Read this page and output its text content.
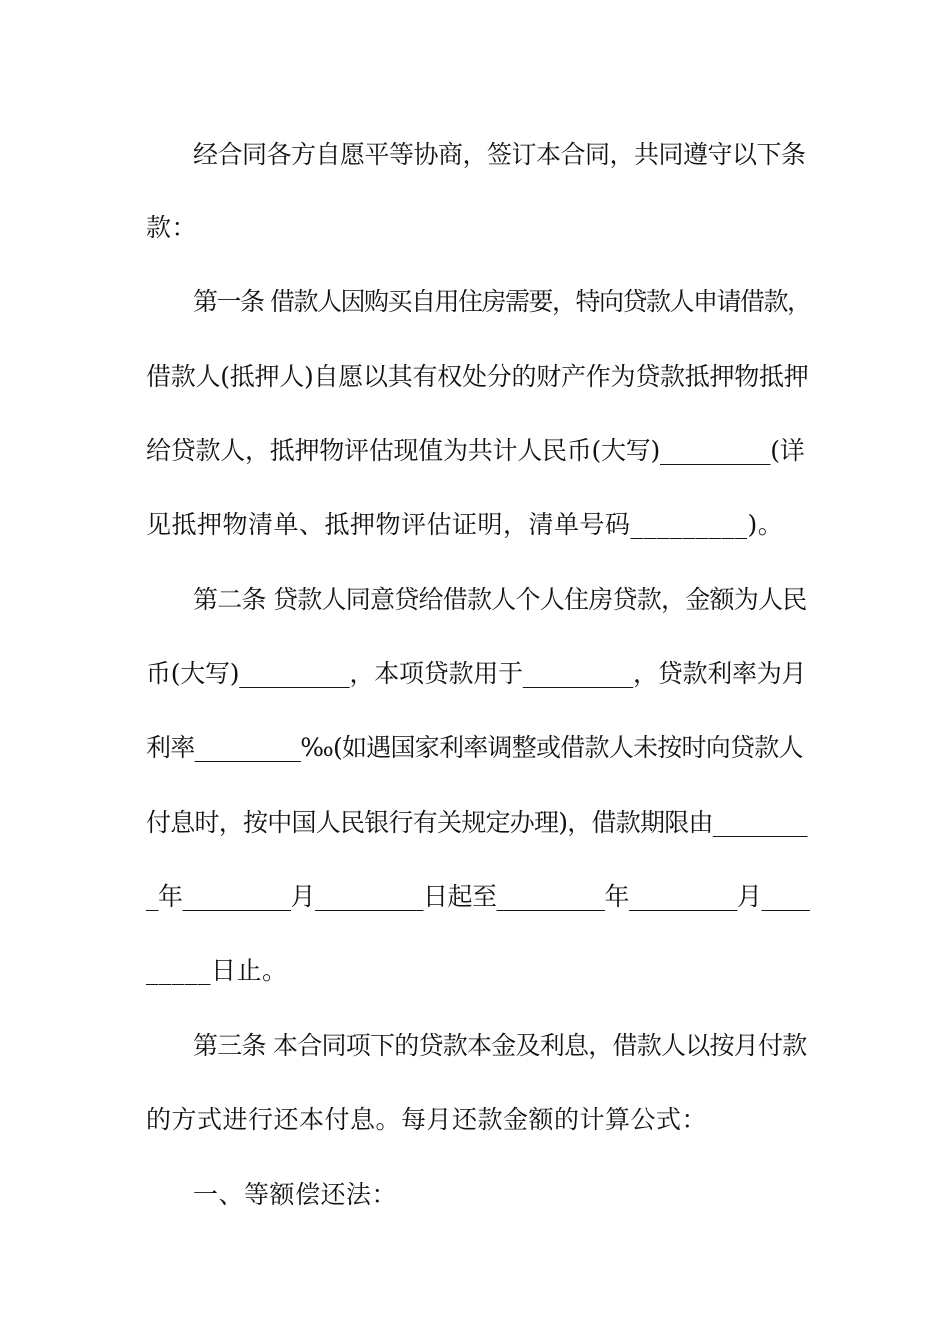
经合同各方自愿平等协商，签订本合同，共同遵守以下条
款：
第一条 借款人因购买自用住房需要，特向贷款人申请借款，
借款人(抵押人)自愿以其有权处分的财产作为贷款抵押物抵押
给贷款人，抵押物评估现值为共计人民币(大写)_________(详
见抵押物清单、抵押物评估证明，清单号码_________)。
第二条 贷款人同意贷给借款人个人住房贷款，金额为人民
币(大写)_________，本项贷款用于_________，贷款利率为月
利率_________‰(如遇国家利率调整或借款人未按时向贷款人
付息时，按中国人民银行有关规定办理)，借款期限由________
_年_________月_________日起至_________年_________月____
_____日止。
第三条 本合同项下的贷款本金及利息，借款人以按月付款
的方式进行还本付息。每月还款金额的计算公式：
一、等额偿还法：
